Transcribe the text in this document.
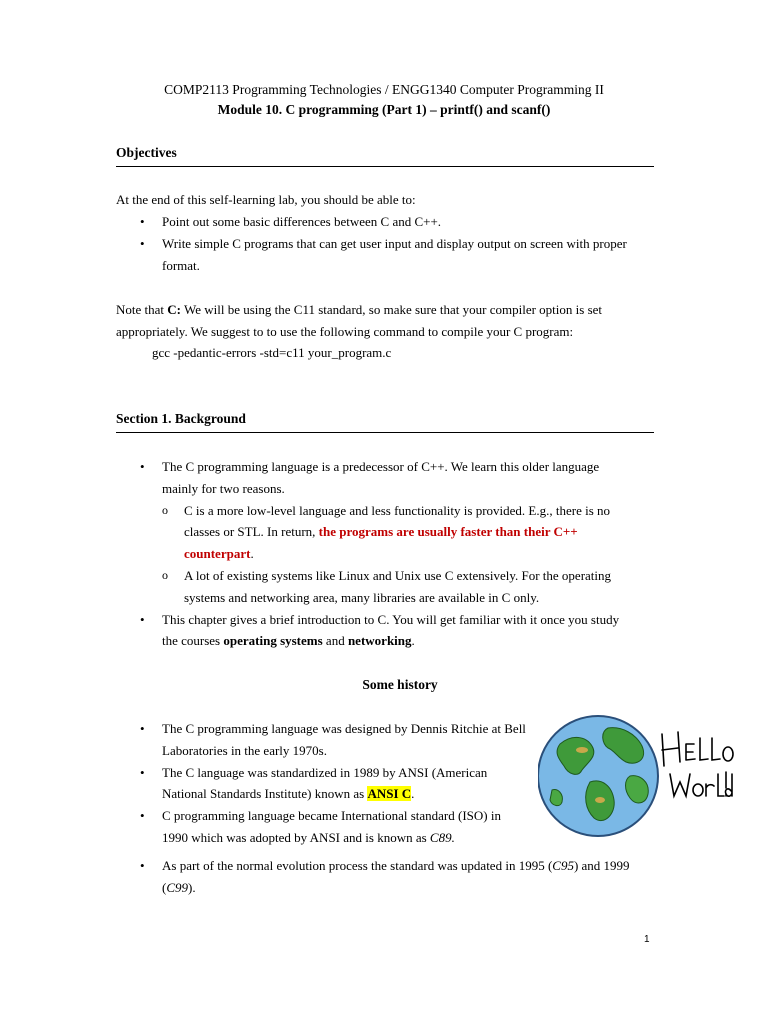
COMP2113 Programming Technologies / ENGG1340 Computer Programming II
Module 10. C programming (Part 1) – printf() and scanf()
Objectives
At the end of this self-learning lab, you should be able to:
• Point out some basic differences between C and C++.
• Write simple C programs that can get user input and display output on screen with proper format.
Note that C: We will be using the C11 standard, so make sure that your compiler option is set appropriately. We suggest to to use the following command to compile your C program:
gcc -pedantic-errors -std=c11 your_program.c
Section 1. Background
• The C programming language is a predecessor of C++. We learn this older language mainly for two reasons.
o C is a more low-level language and less functionality is provided. E.g., there is no classes or STL. In return, the programs are usually faster than their C++ counterpart.
o A lot of existing systems like Linux and Unix use C extensively. For the operating systems and networking area, many libraries are available in C only.
• This chapter gives a brief introduction to C. You will get familiar with it once you study the courses operating systems and networking.
Some history
• The C programming language was designed by Dennis Ritchie at Bell Laboratories in the early 1970s.
• The C language was standardized in 1989 by ANSI (American National Standards Institute) known as ANSI C.
• C programming language became International standard (ISO) in 1990 which was adopted by ANSI and is known as C89.
• As part of the normal evolution process the standard was updated in 1995 (C95) and 1999 (C99).
1
